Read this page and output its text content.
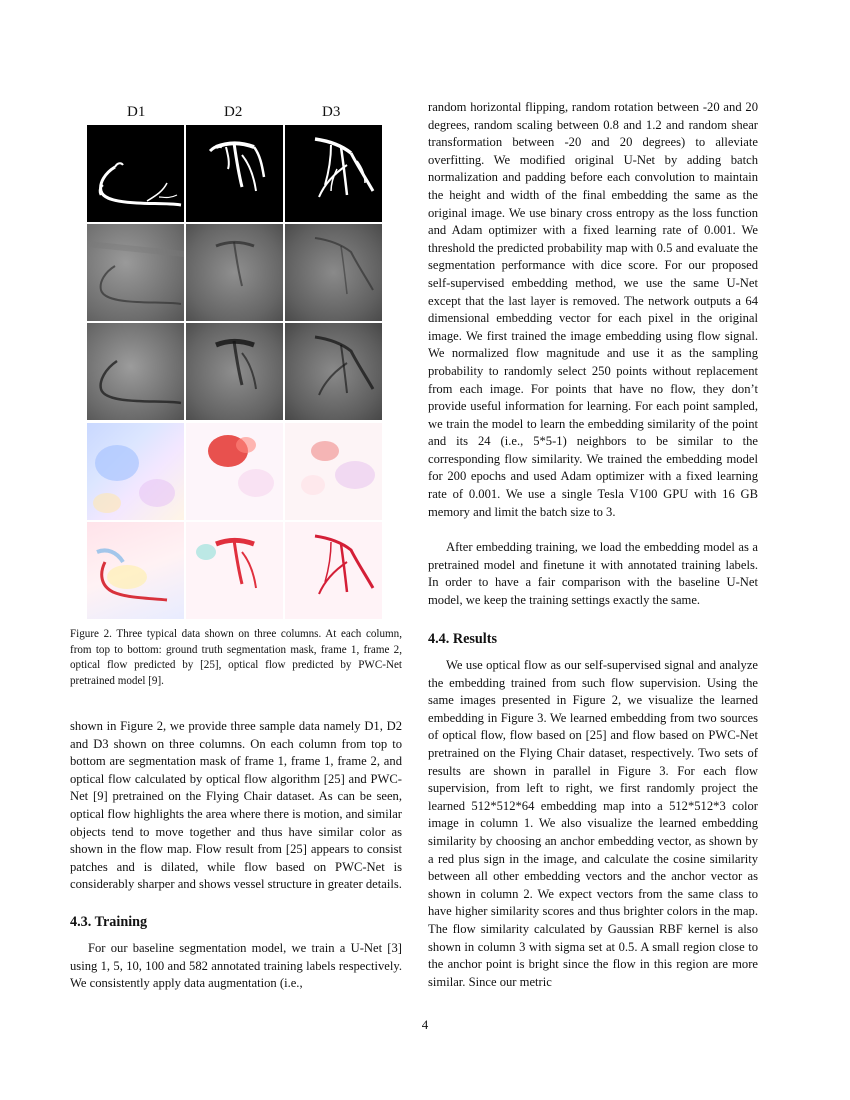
D1	D2	D3

Figure 2. Three typical data shown on three columns. At each column, from top to bottom: ground truth segmentation mask, frame 1, frame 2, optical flow predicted by [25], optical flow predicted by PWC-Net pretrained model [9].

shown in Figure 2, we provide three sample data namely D1, D2 and D3 shown on three columns. On each column from top to bottom are segmentation mask of frame 1, frame 1, frame 2, and optical flow calculated by optical flow algorithm [25] and PWC-Net [9] pretrained on the Flying Chair dataset. As can be seen, optical flow highlights the area where there is motion, and similar objects tend to move together and thus have similar color as shown in the flow map. Flow result from [25] appears to consist patches and is dilated, while flow based on PWC-Net is considerably sharper and shows vessel structure in greater details.

4.3. Training

For our baseline segmentation model, we train a U-Net [3] using 1, 5, 10, 100 and 582 annotated training labels respectively. We consistently apply data augmentation (i.e.,

random horizontal flipping, random rotation between -20 and 20 degrees, random scaling between 0.8 and 1.2 and random shear transformation between -20 and 20 degrees) to alleviate overfitting. We modified original U-Net by adding batch normalization and padding before each convolution to maintain the height and width of the final embedding the same as the original image. We use binary cross entropy as the loss function and Adam optimizer with a fixed learning rate of 0.001. We threshold the predicted probability map with 0.5 and evaluate the segmentation performance with dice score. For our proposed self-supervised embedding method, we use the same U-Net except that the last layer is removed. The network outputs a 64 dimensional embedding vector for each pixel in the original image. We first trained the image embedding using flow signal. We normalized flow magnitude and use it as the sampling probability to randomly select 250 points without replacement from each image. For points that have no flow, they don’t provide useful information for learning. For each point sampled, we train the model to learn the embedding similarity of the point and its 24 (i.e., 5*5-1) neighbors to be similar to the corresponding flow similarity. We trained the embedding model for 200 epochs and used Adam optimizer with a fixed learning rate of 0.001. We use a single Tesla V100 GPU with 16 GB memory and limit the batch size to 3.

After embedding training, we load the embedding model as a pretrained model and finetune it with annotated training labels. In order to have a fair comparison with the baseline U-Net model, we keep the training settings exactly the same.

4.4. Results

We use optical flow as our self-supervised signal and analyze the embedding trained from such flow supervision. Using the same images presented in Figure 2, we visualize the learned embedding in Figure 3. We learned embedding from two sources of optical flow, flow based on [25] and flow based on PWC-Net pretrained on the Flying Chair dataset, respectively. Two sets of results are shown in parallel in Figure 3. For each flow supervision, from left to right, we first randomly project the learned 512*512*64 embedding map into a 512*512*3 color image in column 1. We also visualize the learned embedding similarity by choosing an anchor embedding vector, as shown by a red plus sign in the image, and calculate the cosine similarity between all other embedding vectors and the anchor vector as shown in column 2. We expect vectors from the same class to have higher similarity scores and thus brighter colors in the map. The flow similarity calculated by Gaussian RBF kernel is also shown in column 3 with sigma set at 0.5. A small region close to the anchor point is bright since the flow in this region are more similar. Since our metric

4
